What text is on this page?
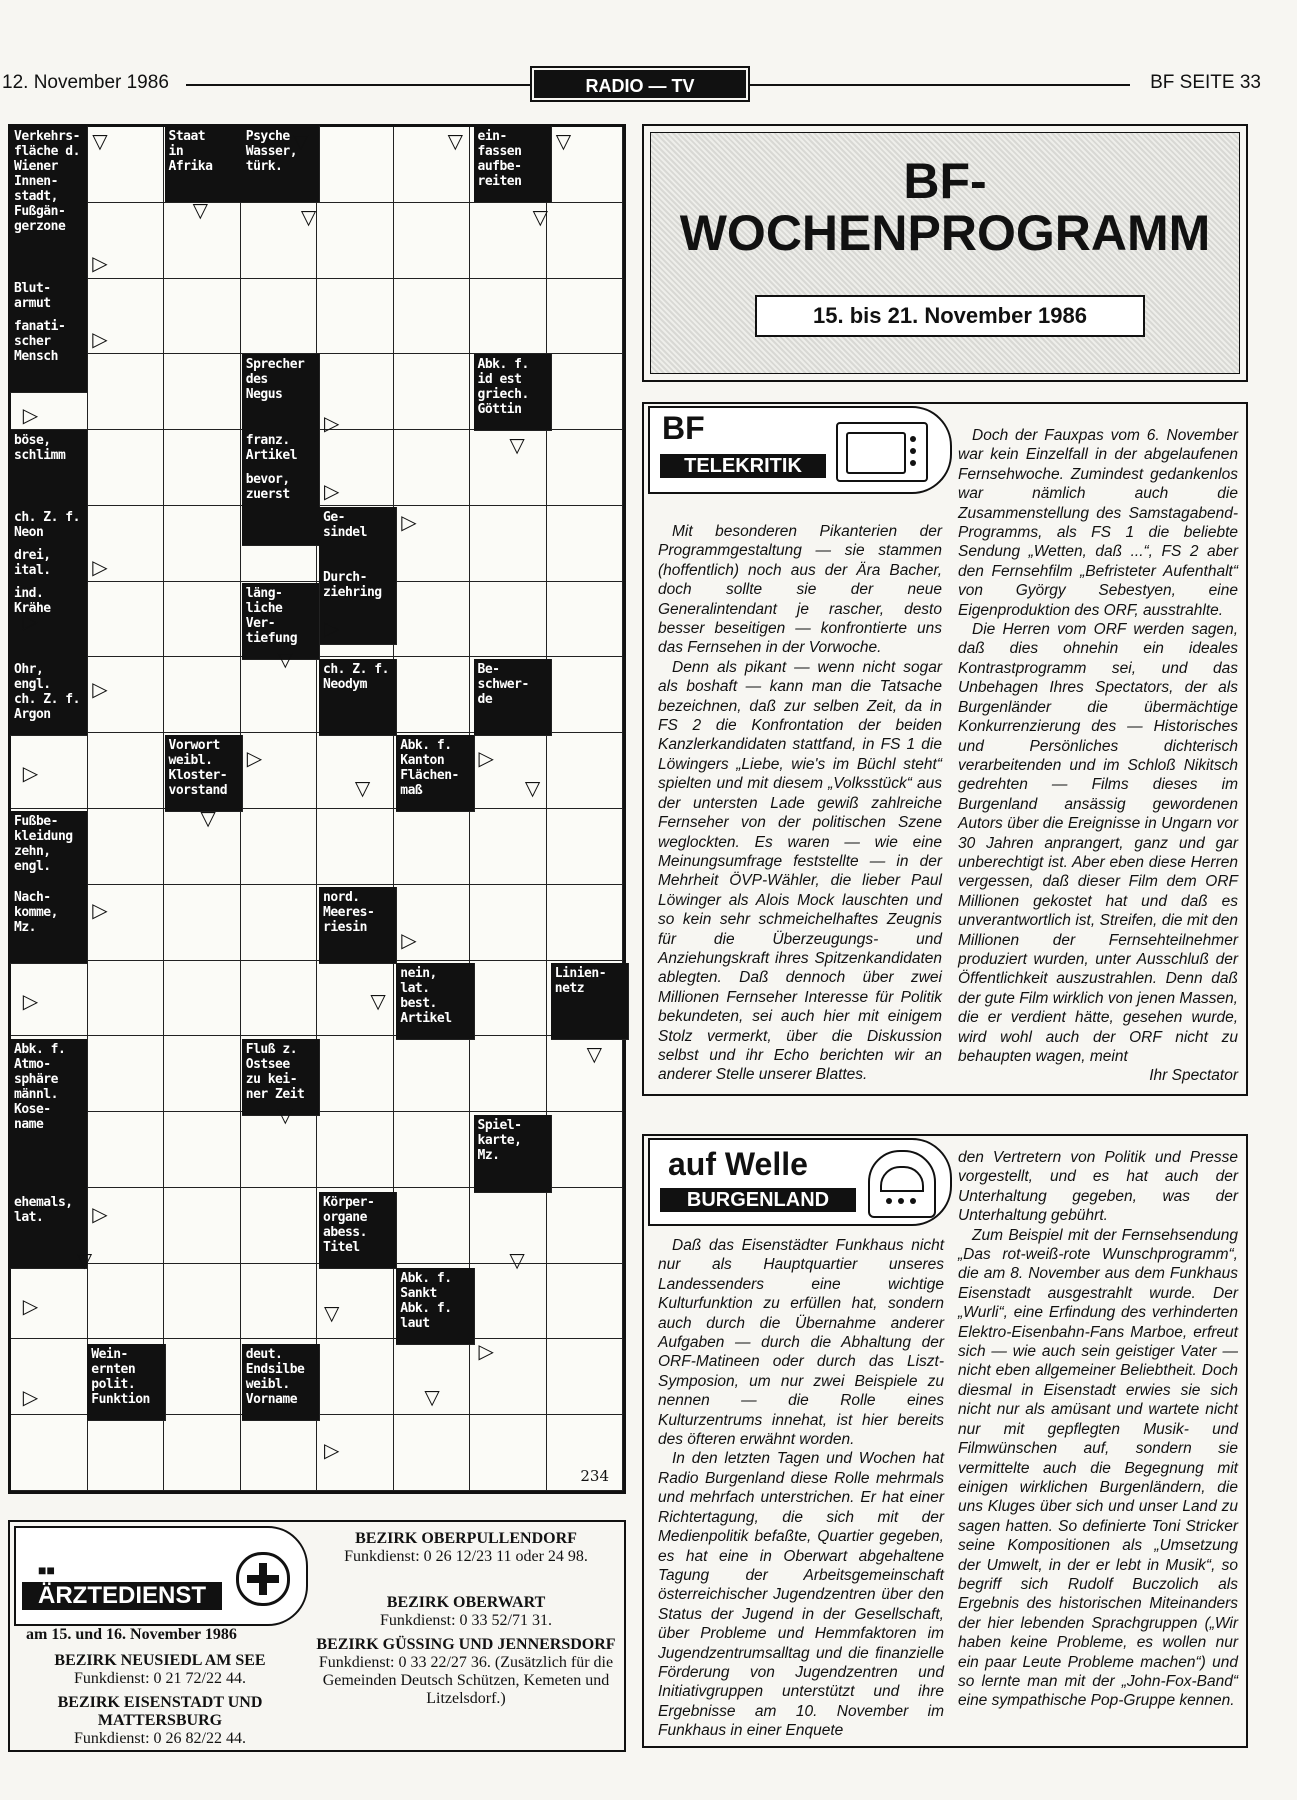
12. November 1986	RADIO — TV	BF SEITE 33
Verkehrs-
fläche d.
Wiener
Innen-
stadt,
Fußgän-
gerzone
Staat
in
Afrika
Psyche
Wasser,
türk.
ein-
fassen
aufbe-
reiten
Blut-
armut
fanati-
scher
Mensch
Sprecher
des
Negus
Abk. f.
id est
griech.
Göttin
franz.
Artikel
böse,
schlimm
bevor,
zuerst
ch. Z. f.
Neon
Ge-
sindel
drei,
ital.
Durch-
ziehring
ind.
Krähe
läng-
liche
Ver-
tiefung
Ohr,
engl.
ch. Z. f.
Argon
ch. Z. f.
Neodym
Be-
schwer-
de
Vorwort
weibl.
Kloster-
vorstand
Abk. f.
Kanton
Flächen-
maß
Fußbe-
kleidung
zehn,
engl.
Nach-
komme,
Mz.
nord.
Meeres-
riesin
nein,
lat.
best.
Artikel
Linien-
netz
Abk. f.
Atmo-
sphäre
männl.
Kose-
name
Fluß z.
Ostsee
zu kei-
ner Zeit
Spiel-
karte,
Mz.
ehemals,
lat.
Körper-
organe
abess.
Titel
Abk. f.
Sankt
Abk. f.
laut
Wein-
ernten
polit.
Funktion
deut.
Endsilbe
weibl.
Vorname
▽	▽	▽	▽
▽	▽	▽
▷
▷
▷	▷
▽
▷
▷
▷
▷	▷
▽
▷
▷
▷	▷
▽	▽
▽
▷
▷
▷	▽
▽
▽
▷
▽
▷
▽
▽
▷
▽
▷
▷
234
BF-
WOCHENPROGRAMM
15. bis 21. November 1986
BF
TELEKRITIK

Mit besonderen Pikanterien der Programmgestaltung — sie stammen (hoffentlich) noch aus der Ära Bacher, doch sollte sie der neue Generalintendant je rascher, desto besser beseitigen — konfrontierte uns das Fernsehen in der Vorwoche.

Denn als pikant — wenn nicht sogar als boshaft — kann man die Tatsache bezeichnen, daß zur selben Zeit, da in FS 2 die Konfrontation der beiden Kanzlerkandidaten stattfand, in FS 1 die Löwingers „Liebe, wie's im Büchl steht“ spielten und mit diesem „Volksstück“ aus der untersten Lade gewiß zahlreiche Fernseher von der politischen Szene weglockten. Es waren — wie eine Meinungsumfrage feststellte — in der Mehrheit ÖVP-Wähler, die lieber Paul Löwinger als Alois Mock lauschten und so kein sehr schmeichelhaftes Zeugnis für die Überzeugungs- und Anziehungskraft ihres Spitzenkandidaten ablegten. Daß dennoch über zwei Millionen Fernseher Interesse für Politik bekundeten, sei auch hier mit einigem Stolz vermerkt, über die Diskussion selbst und ihr Echo berichten wir an anderer Stelle unserer Blattes.

Doch der Fauxpas vom 6. November war kein Einzelfall in der abgelaufenen Fernsehwoche. Zumindest gedankenlos war nämlich auch die Zusammenstellung des Samstagabend-Programms, als FS 1 die beliebte Sendung „Wetten, daß ...“, FS 2 aber den Fernsehfilm „Befristeter Aufenthalt“ von György Sebestyen, eine Eigenproduktion des ORF, ausstrahlte.

Die Herren vom ORF werden sagen, daß dies ohnehin ein ideales Kontrastprogramm sei, und das Unbehagen Ihres Spectators, der als Burgenländer die übermächtige Konkurrenzierung des — Historisches und Persönliches dichterisch verarbeitenden und im Schloß Nikitsch gedrehten — Films dieses im Burgenland ansässig gewordenen Autors über die Ereignisse in Ungarn vor 30 Jahren anprangert, ganz und gar unberechtigt ist. Aber eben diese Herren vergessen, daß dieser Film dem ORF Millionen gekostet hat und daß es unverantwortlich ist, Streifen, die mit den Millionen der Fernsehteilnehmer produziert wurden, unter Ausschluß der Öffentlichkeit auszustrahlen. Denn daß der gute Film wirklich von jenen Massen, die er verdient hätte, gesehen wurde, wird wohl auch der ORF nicht zu behaupten wagen, meint

Ihr Spectator
auf Welle
BURGENLAND

Daß das Eisenstädter Funkhaus nicht nur als Hauptquartier unseres Landessenders eine wichtige Kulturfunktion zu erfüllen hat, sondern auch durch die Übernahme anderer Aufgaben — durch die Abhaltung der ORF-Matineen oder durch das Liszt-Symposion, um nur zwei Beispiele zu nennen — die Rolle eines Kulturzentrums innehat, ist hier bereits des öfteren erwähnt worden.

In den letzten Tagen und Wochen hat Radio Burgenland diese Rolle mehrmals und mehrfach unterstrichen. Er hat einer Richtertagung, die sich mit der Medienpolitik befaßte, Quartier gegeben, es hat eine in Oberwart abgehaltene Tagung der Arbeitsgemeinschaft österreichischer Jugendzentren über den Status der Jugend in der Gesellschaft, über Probleme und Hemmfaktoren im Jugendzentrumsalltag und die finanzielle Förderung von Jugendzentren und Initiativgruppen unterstützt und ihre Ergebnisse am 10. November im Funkhaus in einer Enquete

den Vertretern von Politik und Presse vorgestellt, und es hat auch der Unterhaltung gegeben, was der Unterhaltung gebührt.

Zum Beispiel mit der Fernsehsendung „Das rot-weiß-rote Wunschprogramm“, die am 8. November aus dem Funkhaus Eisenstadt ausgestrahlt wurde. Der „Wurli“, eine Erfindung des verhinderten Elektro-Eisenbahn-Fans Marboe, erfreut sich — wie auch sein geistiger Vater — nicht eben allgemeiner Beliebtheit. Doch diesmal in Eisenstadt erwies sie sich nicht nur als amüsant und wartete nicht nur mit gepflegten Musik- und Filmwünschen auf, sondern sie vermittelte auch die Begegnung mit einigen wirklichen Burgenländern, die uns Kluges über sich und unser Land zu sagen hatten. So definierte Toni Stricker seine Kompositionen als „Umsetzung der Umwelt, in der er lebt in Musik“, so begriff sich Rudolf Buczolich als Ergebnis des historischen Miteinanders der hier lebenden Sprachgruppen („Wir haben keine Probleme, es wollen nur ein paar Leute Probleme machen“) und so lernte man mit der „John-Fox-Band“ eine sympathische Pop-Gruppe kennen.

■■
ÄRZTEDIENST
am 15. und 16. November 1986
BEZIRK NEUSIEDL AM SEE
Funkdienst: 0 21 72/22 44.
BEZIRK EISENSTADT UND MATTERSBURG
Funkdienst: 0 26 82/22 44.
BEZIRK OBERPULLENDORF
Funkdienst: 0 26 12/23 11 oder 24 98.
BEZIRK OBERWART
Funkdienst: 0 33 52/71 31.
BEZIRK GÜSSING UND JENNERSDORF
Funkdienst: 0 33 22/27 36. (Zusätzlich für die Gemeinden Deutsch Schützen, Kemeten und Litzelsdorf.)
